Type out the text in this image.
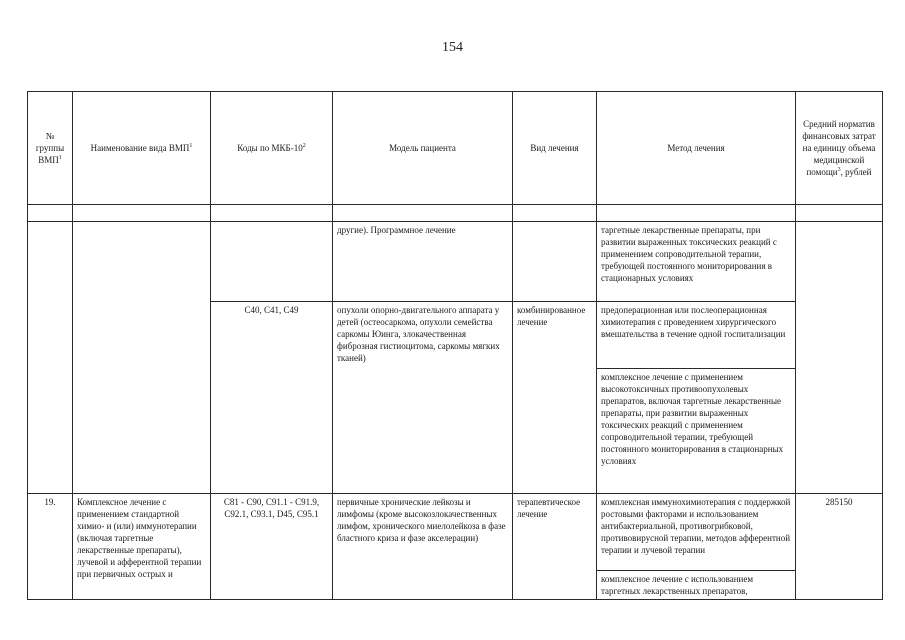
154
№ группы ВМП$^1$	Наименование вида ВМП$^1$	Коды по МКБ-$10^2$	Модель пациента	Вид лечения	Метод лечения	Средний норматив финансовых затрат на единицу объема медицинской помощи$^3$, рублей

			другие). Программное лечение		таргетные лекарственные препараты, при развитии выраженных токсических реакций с применением сопроводительной терапии, требующей постоянного мониторирования в стационарных условиях	
		C40, C41, C49	опухоли опорно-двигательного аппарата у детей (остеосаркома, опухоли семейства саркомы Юинга, злокачественная фиброзная гистиоцитома, саркомы мягких тканей)	комбинированное лечение	предоперационная или послеоперационная химиотерапия с проведением хирургического вмешательства в течение одной госпитализации	
					комплексное лечение с применением высокотоксичных противоопухолевых препаратов, включая таргетные лекарственные препараты, при развитии выраженных токсических реакций с применением сопроводительной терапии, требующей постоянного мониторирования в стационарных условиях	
19.	Комплексное лечение с применением стандартной химио- и (или) иммунотерапии (включая таргетные лекарственные препараты), лучевой и афферентной терапии при первичных острых и	C81 - C90, C91.1 - C91.9, C92.1, C93.1, D45, C95.1	первичные хронические лейкозы и лимфомы (кроме высокозлокачественных лимфом, хронического миелолейкоза в фазе бластного криза и фазе акселерации)	терапевтическое лечение	комплексная иммунохимиотерапия с поддержкой ростовыми факторами и использованием антибактериальной, противогрибковой, противовирусной терапии, методов афферентной терапии и лучевой терапии	285150
					комплексное лечение с использованием таргетных лекарственных препаратов,	
